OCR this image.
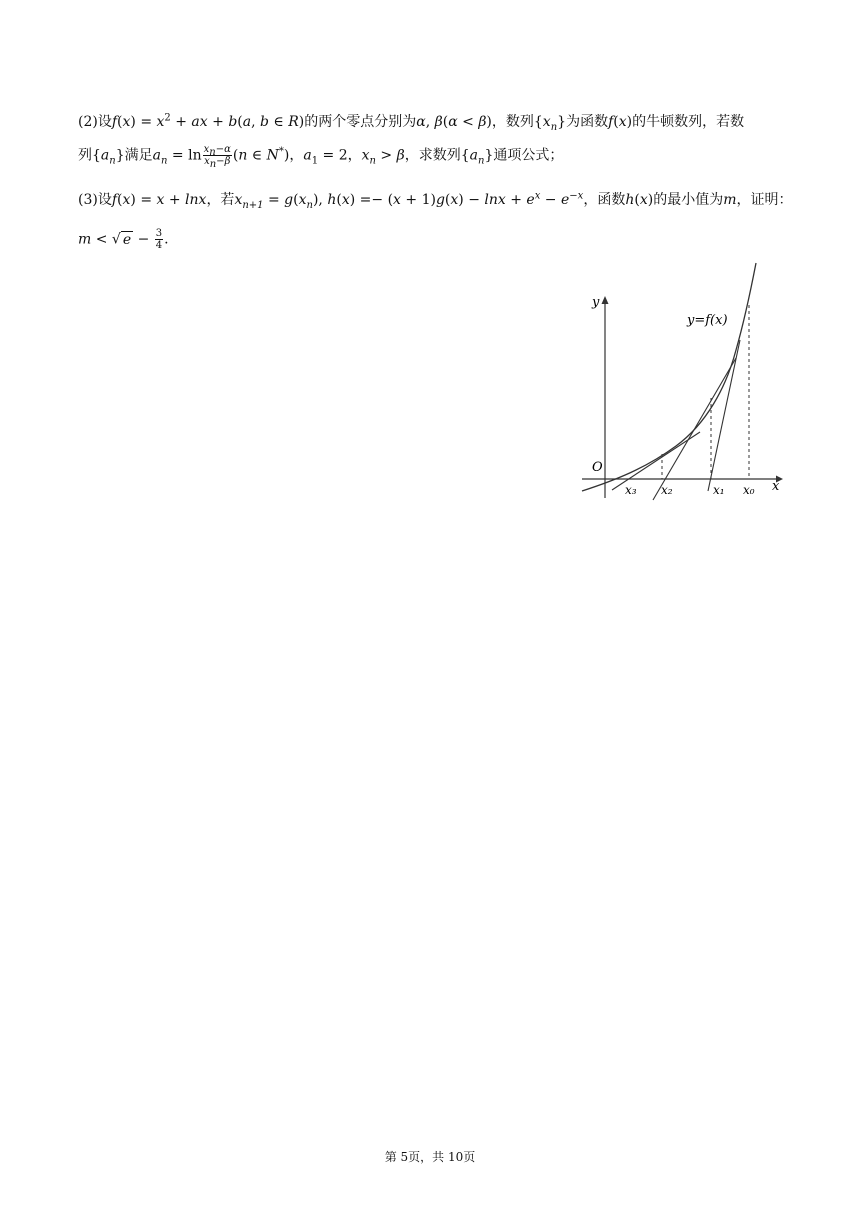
(2)设$f(x) = x^2$ + ax + b(a, b ∈ R)的两个零点分别为α, β(α < β)，数列$\{x_n\}$为函数f(x)的牛顿数列，若数
列$\{a_n\}$满足$a_n = \ln \frac{x_n-\alpha}{x_n-\beta} (n$ ∈ N*)，$a_1 = 2$，$x_n > \beta$，求数列$\{a_n\}$通项公式；
(3)设f(x) = x + lnx，若$x_{n+1} = g(x_n)$, $h(x) =- (x + 1)g(x) - \ln x + e^x - e^{-x}$，函数h(x)的最小值为m，证明：
m < √ $e - \frac{3}{4}$ .
y
x
O
y=f(x)
x₃ x₂	x₁ x₀
第 5页，共 10页
